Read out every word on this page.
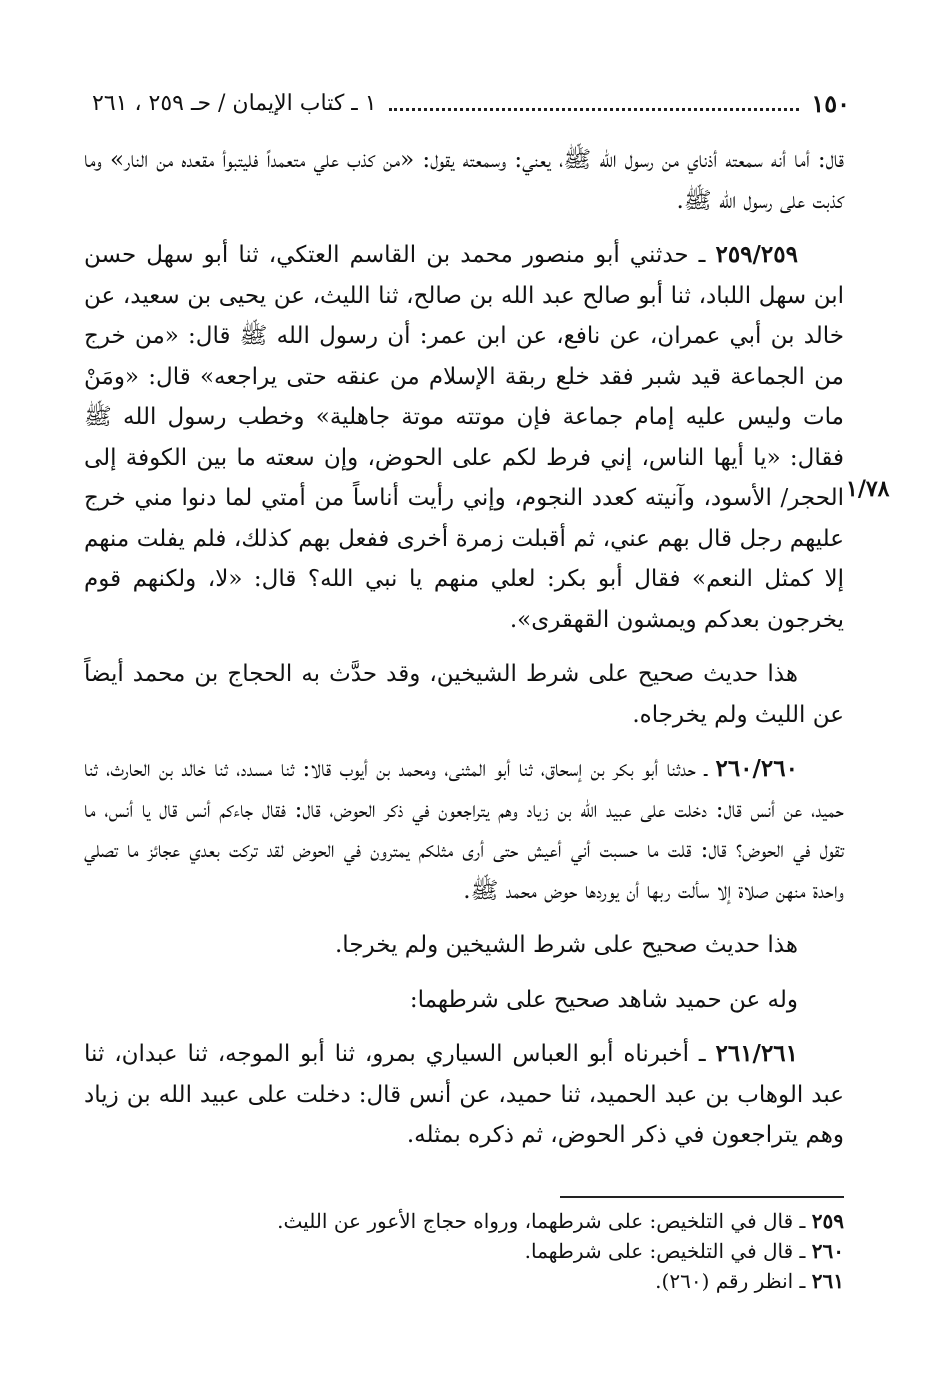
١٥٠
١ ـ كتاب الإيمان / حـ ٢٥٩ ، ٢٦١
١/٧٨

قال: أما أنه سمعته أذناي من رسول الله ﷺ، يعني: وسمعته يقول: «من كذب علي متعمداً فليتبوأ مقعده من النار» وما كذبت على رسول الله ﷺ.

٢٥٩/٢٥٩ ـ حدثني أبو منصور محمد بن القاسم العتكي، ثنا أبو سهل حسن ابن سهل اللباد، ثنا أبو صالح عبد الله بن صالح، ثنا الليث، عن يحيى بن سعيد، عن خالد بن أبي عمران، عن نافع، عن ابن عمر: أن رسول الله ﷺ قال: «من خرج من الجماعة قيد شبر فقد خلع ربقة الإسلام من عنقه حتى يراجعه» قال: «ومَنْ مات وليس عليه إمام جماعة فإن موتته موتة جاهلية» وخطب رسول الله ﷺ فقال: «يا أيها الناس، إني فرط لكم على الحوض، وإن سعته ما بين الكوفة إلى الحجر/ الأسود، وآنيته كعدد النجوم، وإني رأيت أناساً من أمتي لما دنوا مني خرج عليهم رجل قال بهم عني، ثم أقبلت زمرة أخرى ففعل بهم كذلك، فلم يفلت منهم إلا كمثل النعم» فقال أبو بكر: لعلي منهم يا نبي الله؟ قال: «لا، ولكنهم قوم يخرجون بعدكم ويمشون القهقرى».

هذا حديث صحيح على شرط الشيخين، وقد حدَّث به الحجاج بن محمد أيضاً عن الليث ولم يخرجاه.

٢٦٠/٢٦٠ ـ حدثنا أبو بكر بن إسحاق، ثنا أبو المثنى، ومحمد بن أيوب قالا: ثنا مسدد، ثنا خالد بن الحارث، ثنا حميد، عن أنس قال: دخلت على عبيد الله بن زياد وهم يتراجعون في ذكر الحوض، قال: فقال جاءكم أنس قال يا أنس، ما تقول في الحوض؟ قال: قلت ما حسبت أني أعيش حتى أرى مثلكم يمترون في الحوض لقد تركت بعدي عجائز ما تصلي واحدة منهن صلاة إلا سألت ربها أن يوردها حوض محمد ﷺ.

هذا حديث صحيح على شرط الشيخين ولم يخرجا.

وله عن حميد شاهد صحيح على شرطهما:

٢٦١/٢٦١ ـ أخبرناه أبو العباس السياري بمرو، ثنا أبو الموجه، ثنا عبدان، ثنا عبد الوهاب بن عبد الحميد، ثنا حميد، عن أنس قال: دخلت على عبيد الله بن زياد وهم يتراجعون في ذكر الحوض، ثم ذكره بمثله.

٢٥٩ ـ قال في التلخيص: على شرطهما، ورواه حجاج الأعور عن الليث.
٢٦٠ ـ قال في التلخيص: على شرطهما.
٢٦١ ـ انظر رقم (٢٦٠).
